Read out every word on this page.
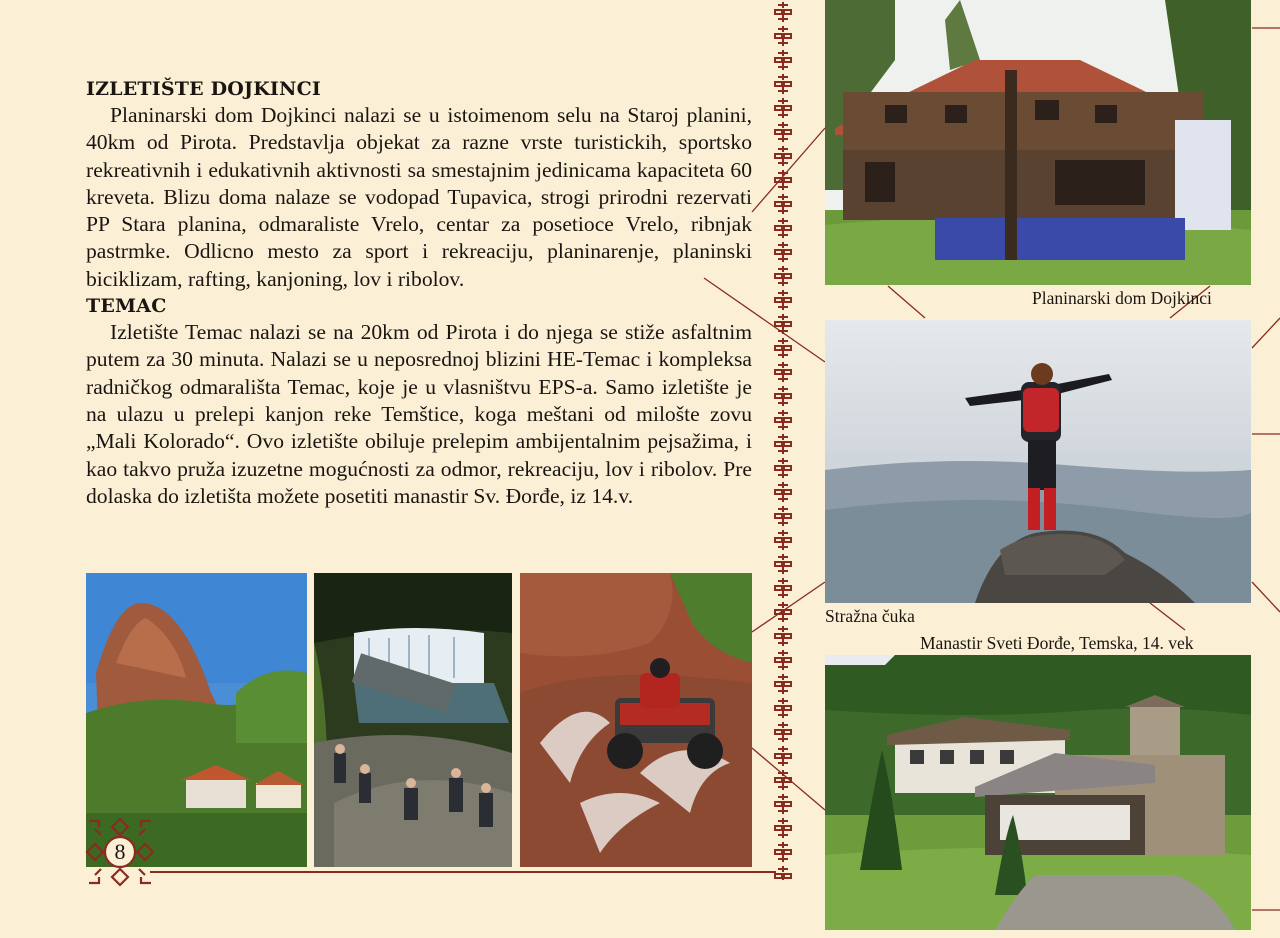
IZLETIŠTE DOJKINCI

Planinarski dom Dojkinci nalazi se u istoimenom selu na Staroj planini, 40km od Pirota. Predstavlja objekat za razne vrste turistickih, sportsko rekreativnih i edukativnih aktivnosti sa smestajnim jedinicama kapaciteta 60 kreveta. Blizu doma nalaze se vodopad Tupavica, strogi prirodni rezervati PP Stara planina, odmaraliste Vrelo, centar za posetioce Vrelo, ribnjak pastrmke. Odlicno mesto za sport i rekreaciju, planinarenje, planinski biciklizam, rafting, kanjoning, lov i ribolov.

TEMAC

Izletište Temac nalazi se na 20km od Pirota i do njega se stiže asfaltnim putem za 30 minuta. Nalazi se u neposrednoj blizini HE-Temac i kompleksa radničkog odmarališta Temac, koje je u vlasništvu EPS-a. Samo izletište je na ulazu u prelepi kanjon reke Temštice, koga meštani od milošte zovu „Mali Kolorado“. Ovo izletište obiluje prelepim ambijentalnim pejsažima, i kao takvo pruža izuzetne mogućnosti za odmor, rekreaciju, lov i ribolov. Pre dolaska do izletišta možete posetiti manastir Sv. Đorđe, iz 14.v.

Planinarski dom Dojkinci
Stražna čuka
Manastir Sveti Đorđe, Temska, 14. vek
8
